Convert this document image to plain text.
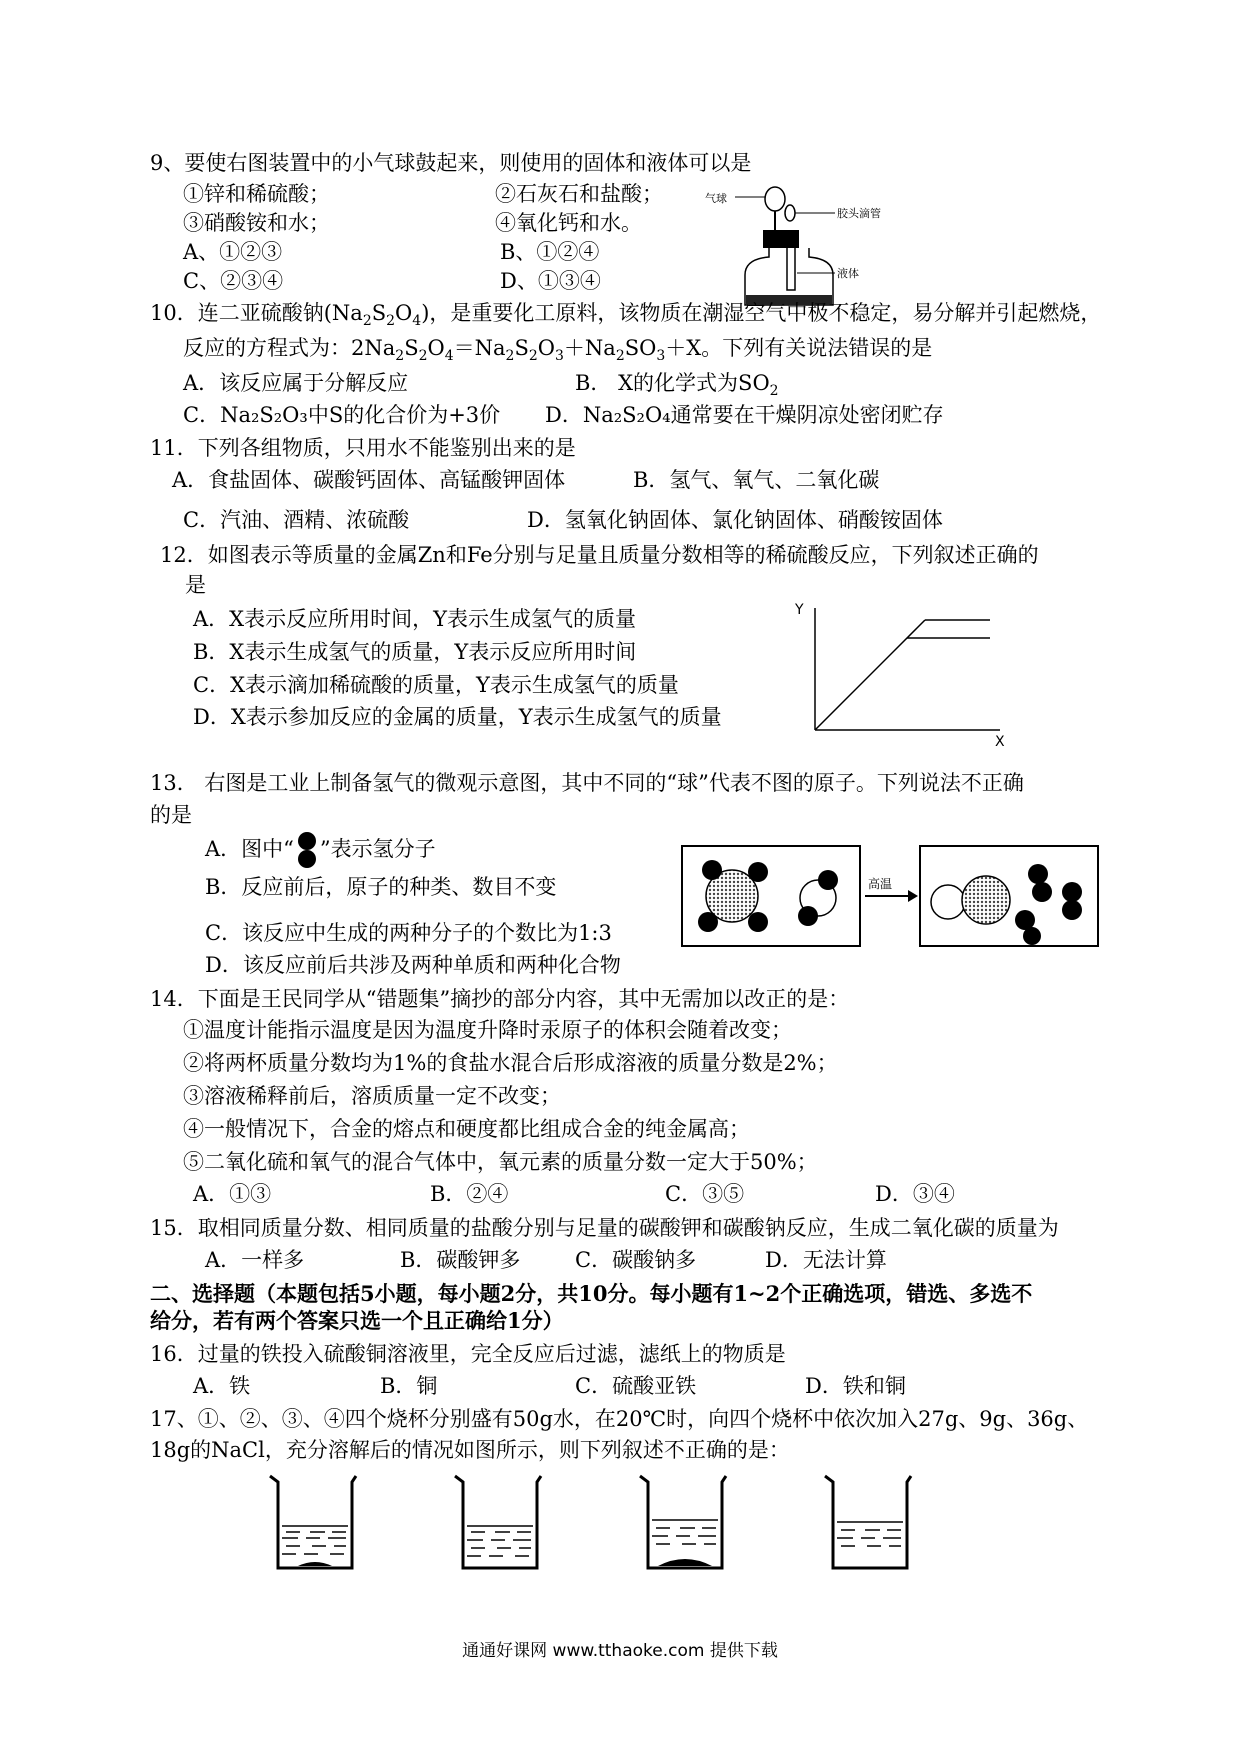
9、要使右图装置中的小气球鼓起来，则使用的固体和液体可以是
①锌和稀硫酸；	②石灰石和盐酸；
③硝酸铵和水；	④氧化钙和水。
A、①②③	B、①②④
C、②③④	D、①③④
气球
胶头滴管
液体
10．连二亚硫酸钠$(Na_2S_2O_4)$，是重要化工原料，该物质在潮湿空气中极不稳定，易分解并引起燃烧，
反应的方程式为：$2Na_2S_2O_4=Na_2S_2O_3+Na_2SO_3+X$。下列有关说法错误的是
A．该反应属于分解反应	B． X的化学式为$SO_2$
C．Na₂S₂O₃中S的化合价为+3价 D．Na₂S₂O₄通常要在干燥阴凉处密闭贮存
11．下列各组物质，只用水不能鉴别出来的是
A．食盐固体、碳酸钙固体、高锰酸钾固体	B．氢气、氧气、二氧化碳
C．汽油、酒精、浓硫酸	D．氢氧化钠固体、氯化钠固体、硝酸铵固体
12．如图表示等质量的金属Zn和Fe分别与足量且质量分数相等的稀硫酸反应，下列叙述正确的
是
A．X表示反应所用时间，Y表示生成氢气的质量
B．X表示生成氢气的质量，Y表示反应所用时间
C．X表示滴加稀硫酸的质量，Y表示生成氢气的质量
D．X表示参加反应的金属的质量，Y表示生成氢气的质量
Y
X
13． 右图是工业上制备氢气的微观示意图，其中不同的“球”代表不图的原子。下列说法不正确
的是
A．图中“ ”表示氢分子
B．反应前后，原子的种类、数目不变
C．该反应中生成的两种分子的个数比为1:3
D．该反应前后共涉及两种单质和两种化合物
高温
14．下面是王民同学从“错题集”摘抄的部分内容，其中无需加以改正的是：
①温度计能指示温度是因为温度升降时汞原子的体积会随着改变；
②将两杯质量分数均为1%的食盐水混合后形成溶液的质量分数是2%；
③溶液稀释前后，溶质质量一定不改变；
④一般情况下，合金的熔点和硬度都比组成合金的纯金属高；
⑤二氧化硫和氧气的混合气体中，氧元素的质量分数一定大于50%；
A．①③	B．②④	C．③⑤	D．③④
15．取相同质量分数、相同质量的盐酸分别与足量的碳酸钾和碳酸钠反应，生成二氧化碳的质量为
A．一样多	B．碳酸钾多	C．碳酸钠多	D．无法计算
二、选择题（本题包括5小题，每小题2分，共10分。每小题有1~2个正确选项，错选、多选不
给分，若有两个答案只选一个且正确给1分）
16．过量的铁投入硫酸铜溶液里，完全反应后过滤，滤纸上的物质是
A．铁	B．铜	C．硫酸亚铁	D．铁和铜
17、①、②、③、④四个烧杯分别盛有50g水，在20℃时，向四个烧杯中依次加入27g、9g、36g、
18g的NaCl，充分溶解后的情况如图所示，则下列叙述不正确的是：
通通好课网 www.tthaoke.com 提供下载
